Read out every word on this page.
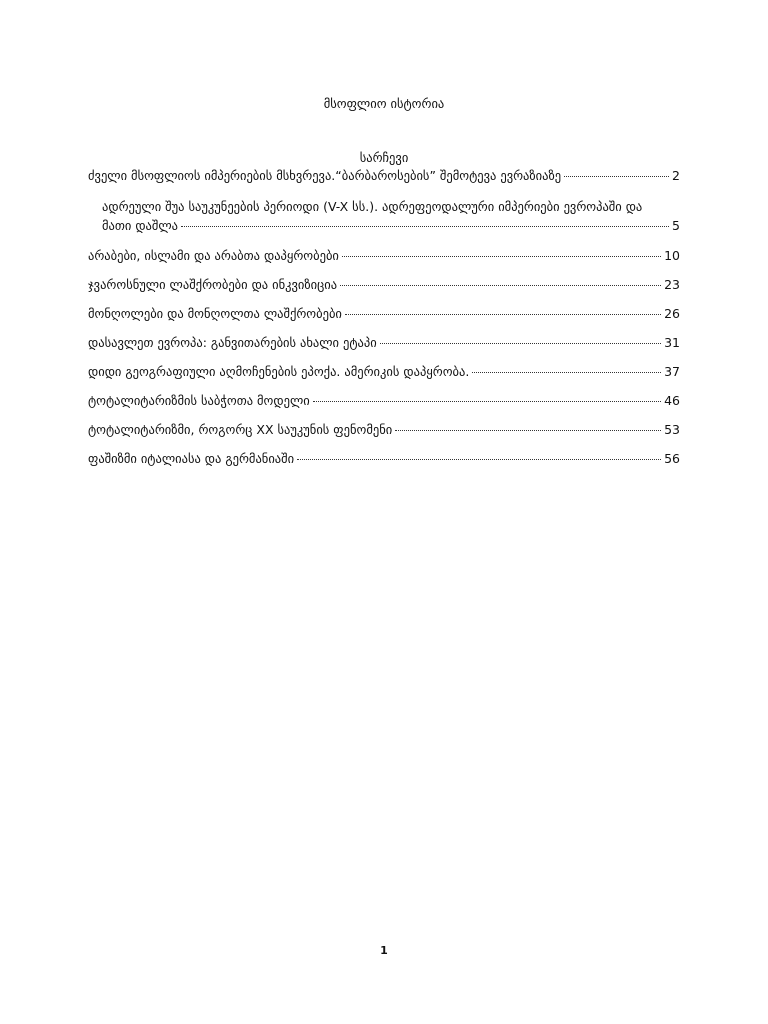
მსოფლიო ისტორია
სარჩევი
ძველი მსოფლიოს იმპერიების მსხვრევა.“ბარბაროსების” შემოტევა ევრაზიაზე	2
ადრეული შუა საუკუნეების პერიოდი (V-X სს.). ადრეფეოდალური იმპერიები ევროპაში და
მათი დაშლა	5
არაბები, ისლამი და არაბთა დაპყრობები	10
ჯვაროსნული ლაშქრობები და ინკვიზიცია	23
მონღოლები და მონღოლთა ლაშქრობები	26
დასავლეთ ევროპა: განვითარების ახალი ეტაპი	31
დიდი გეოგრაფიული აღმოჩენების ეპოქა. ამერიკის დაპყრობა.	37
ტოტალიტარიზმის საბჭოთა მოდელი	46
ტოტალიტარიზმი, როგორც XX საუკუნის ფენომენი	53
ფაშიზმი იტალიასა და გერმანიაში	56
1
